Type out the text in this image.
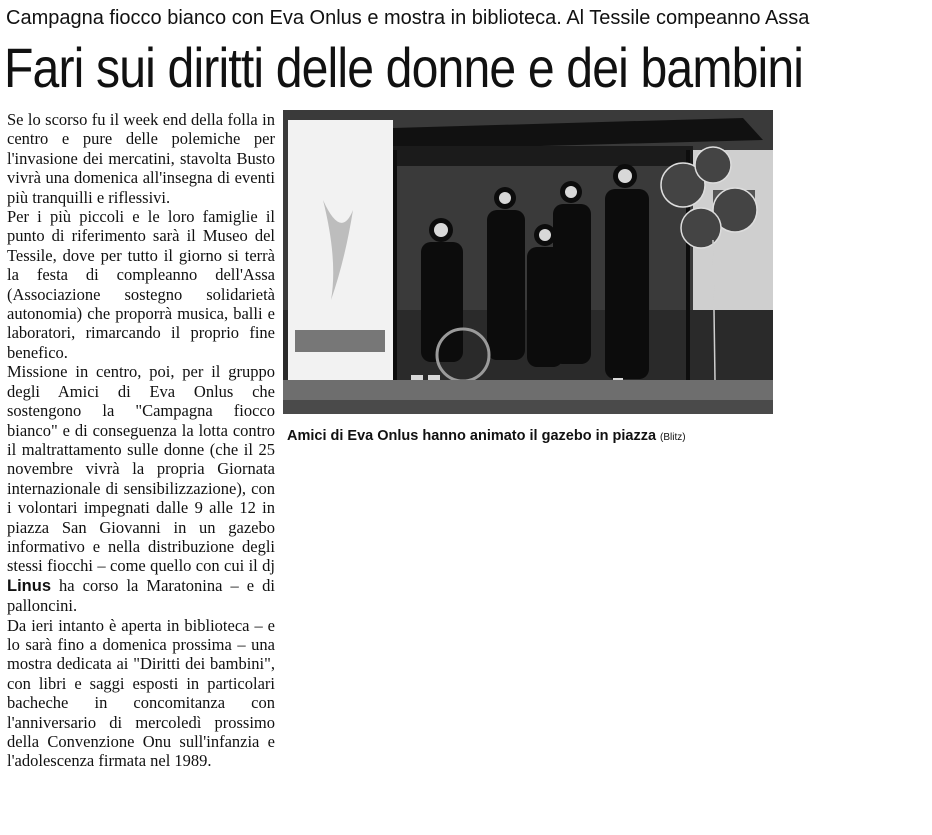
Campagna fiocco bianco con Eva Onlus e mostra in biblioteca. Al Tessile compeanno Assa
Fari sui diritti delle donne e dei bambini

Se lo scorso fu il week end della folla in centro e pure delle polemiche per l'invasione dei mercatini, stavolta Busto vivrà una domenica all'insegna di eventi più tranquilli e riflessivi.

Per i più piccoli e le loro famiglie il punto di riferimento sarà il Museo del Tessile, dove per tutto il giorno si terrà la festa di compleanno dell'Assa (Associazione sostegno solidarietà autonomia) che proporrà musica, balli e laboratori, rimarcando il proprio fine benefico.

Missione in centro, poi, per il gruppo degli Amici di Eva Onlus che sostengono la "Campagna fiocco bianco" e di conseguenza la lotta contro il maltrattamento sulle donne (che il 25 novembre vivrà la propria Giornata internazionale di sensibilizzazione), con i volontari impegnati dalle 9 alle 12 in piazza San Giovanni in un gazebo informativo e nella distribuzione degli stessi fiocchi – come quello con cui il dj Linus ha corso la Maratonina – e di palloncini.

Da ieri intanto è aperta in biblioteca – e lo sarà fino a domenica prossima – una mostra dedicata ai "Diritti dei bambini", con libri e saggi esposti in particolari bacheche in concomitanza con l'anniversario di mercoledì prossimo della Convenzione Onu sull'infanzia e l'adolescenza firmata nel 1989.

Amici di Eva Onlus hanno animato il gazebo in piazza (Blitz)
